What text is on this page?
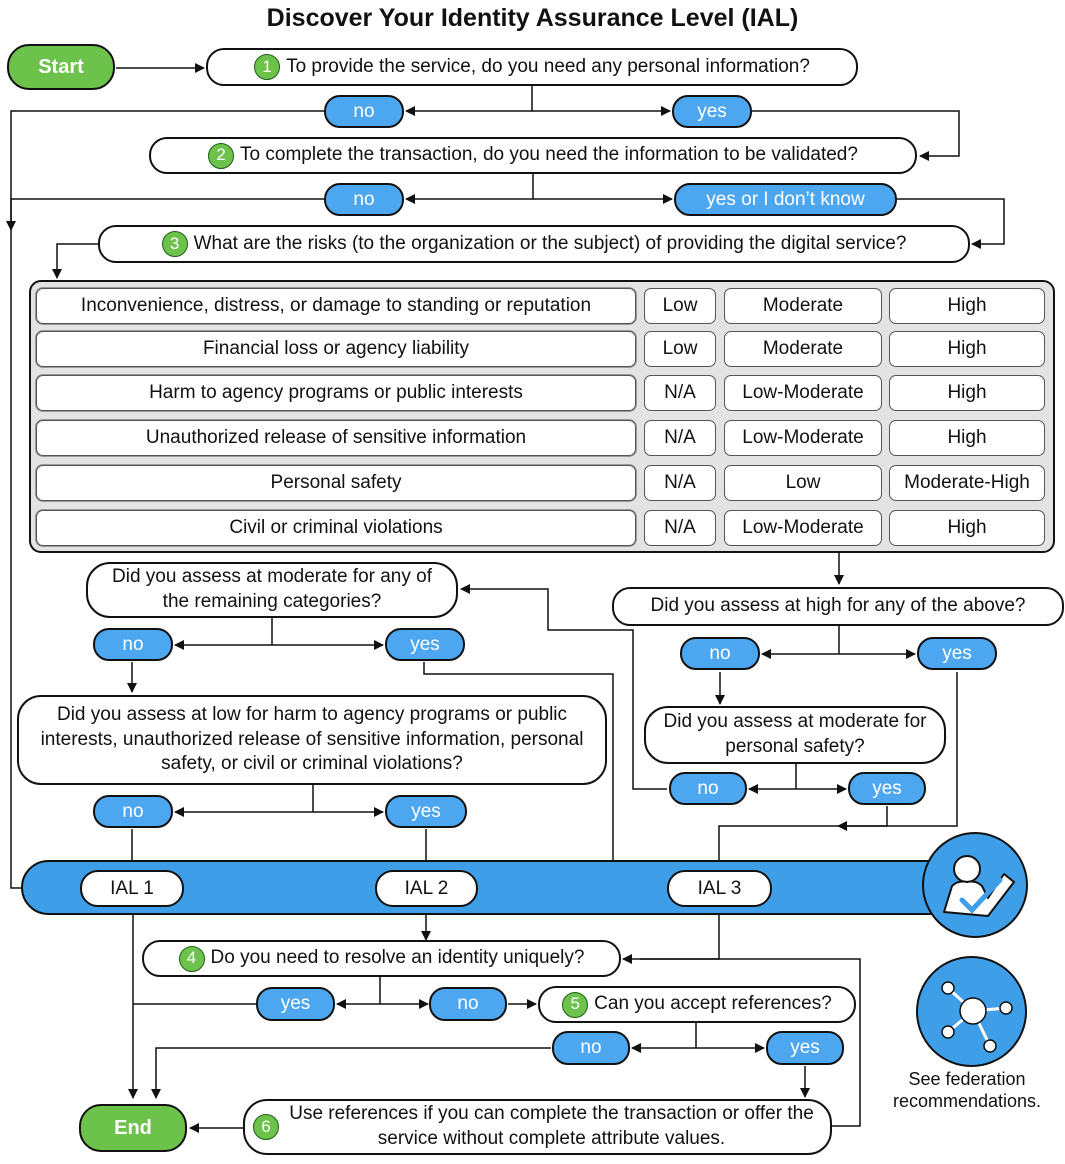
Discover Your Identity Assurance Level (IAL)
Start
End
1 To provide the service, do you need any personal information?
no	yes
2 To complete the transaction, do you need the information to be validated?
no	yes or I don’t know
3 What are the risks (to the organization or the subject) of providing the digital service?
Inconvenience, distress, or damage to standing or reputation	Low	Moderate	High
Financial loss or agency liability	Low	Moderate	High
Harm to agency programs or public interests	N/A	Low-Moderate	High
Unauthorized release of sensitive information	N/A	Low-Moderate	High
Personal safety	N/A	Low	Moderate-High
Civil or criminal violations	N/A	Low-Moderate	High
Did you assess at moderate for any of the remaining categories?
no	yes
Did you assess at high for any of the above?
no	yes
Did you assess at low for harm to agency programs or public interests, unauthorized release of sensitive information, personal safety, or civil or criminal violations?
no	yes
Did you assess at moderate for personal safety?
no	yes
IAL 1	IAL 2	IAL 3
4 Do you need to resolve an identity uniquely?
yes	no	5 Can you accept references?
no	yes
6
Use references if you can complete the transaction or offer the service without complete attribute values.
See federation recommendations.
